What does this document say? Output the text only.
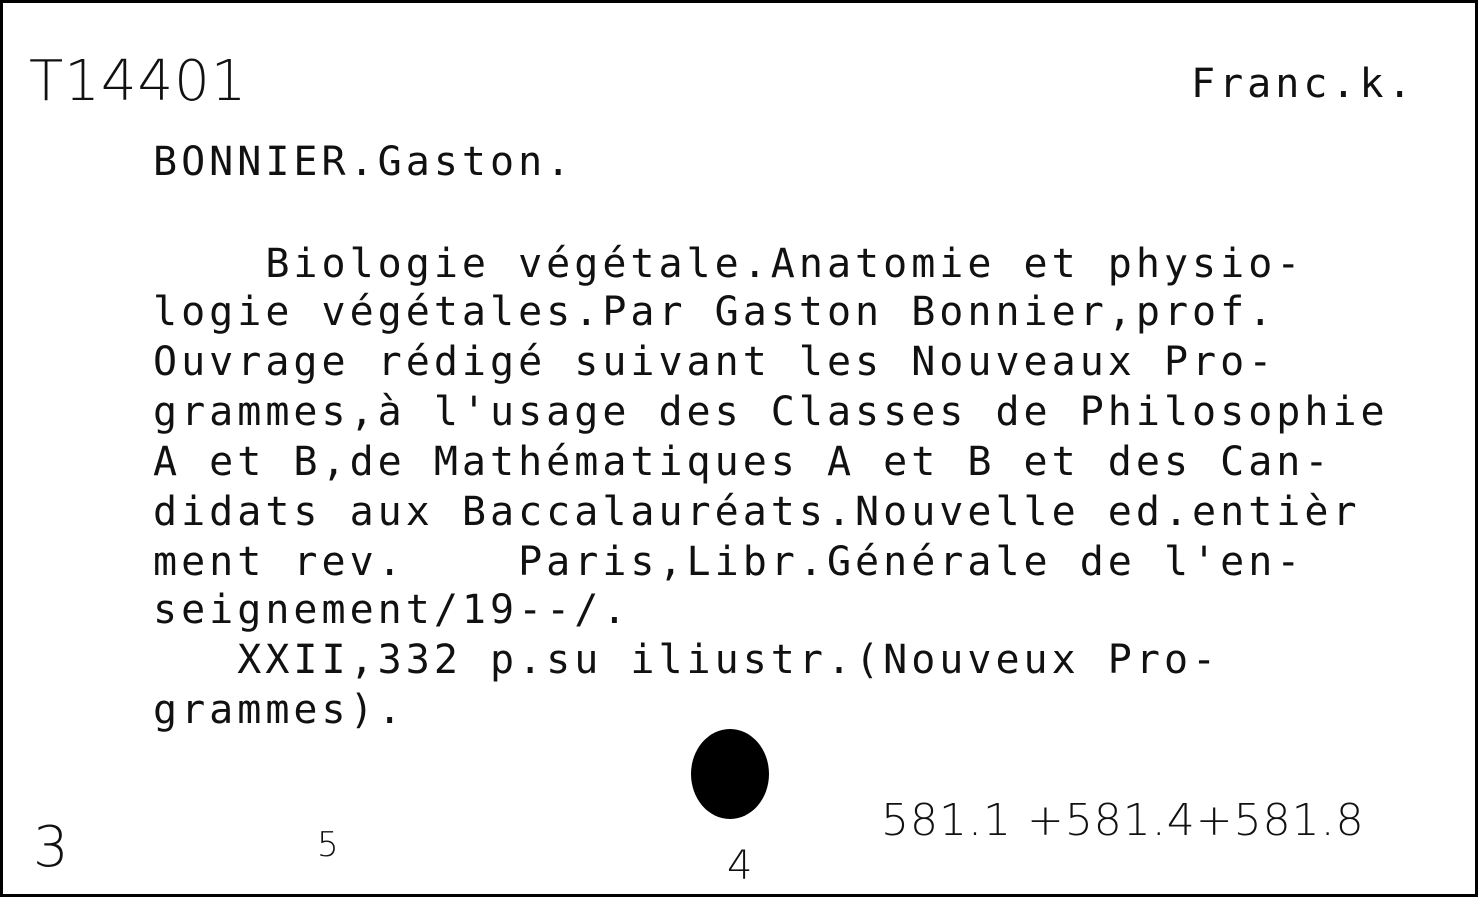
T14401	Franc.k.
BONNIER.Gaston.
Biologie végétale.Anatomie et physio-
logie végétales.Par Gaston Bonnier,prof.
Ouvrage rédigé suivant les Nouveaux Pro-
grammes,à l'usage des Classes de Philosophie
A et B,de Mathématiques A et B et des Can-
didats aux Baccalauréats.Nouvelle ed.entièr
ment rev.    Paris,Libr.Générale de l'en-
seignement/19--/.
XXII,332 p.su iliustr.(Nouveux Pro-
grammes).
581.1 +581.4+581.8
3	5	4
